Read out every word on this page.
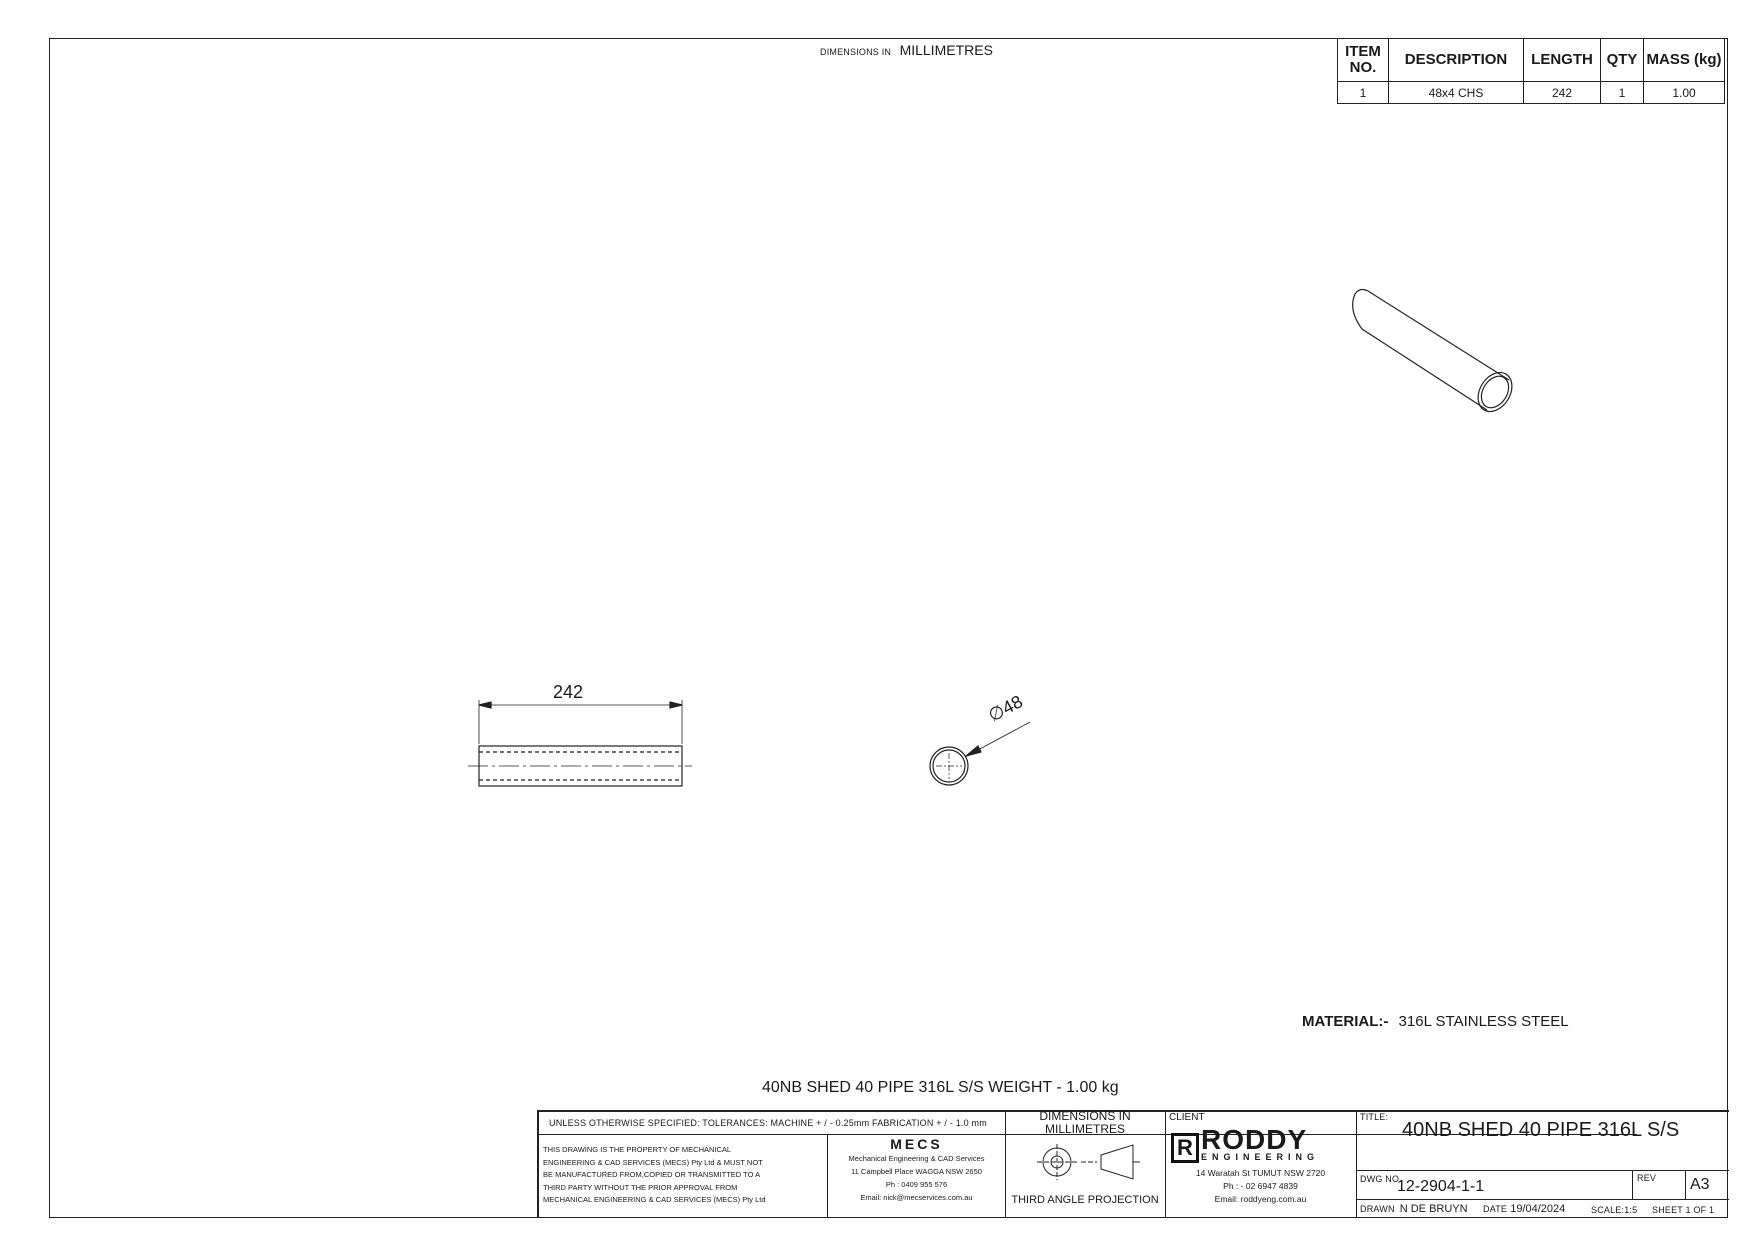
DIMENSIONS IN MILLIMETRES	ITEM NO.	DESCRIPTION	LENGTH	QTY	MASS (kg)
1	48x4 CHS	242	1	1.00
242
∅48
MATERIAL:- 316L STAINLESS STEEL
40NB SHED 40 PIPE 316L S/S WEIGHT - 1.00 kg
UNLESS OTHERWISE SPECIFIED: TOLERANCES: MACHINE + / - 0.25mm FABRICATION + / - 1.0 mm	DIMENSIONS IN
MILLIMETRES
THIS DRAWING IS THE PROPERTY OF MECHANICAL
ENGINEERING & CAD SERVICES (MECS) Pty Ltd & MUST NOT
BE MANUFACTURED FROM,COPIED OR TRANSMITTED TO A
THIRD PARTY WITHOUT THE PRIOR APPROVAL FROM
MECHANICAL ENGINEERING & CAD SERVICES (MECS) Pty Ltd
MECS
Mechanical Engineering & CAD Services
11 Campbell Place WAGGA NSW 2650
Ph : 0409 955 576
Email: nick@mecservices.com.au	THIRD ANGLE PROJECTION
CLIENT
R RODDY
ENGINEERING
14 Waratah St TUMUT NSW 2720
Ph : - 02 6947 4839
Email: roddyeng.com.au
TITLE:
40NB SHED 40 PIPE 316L S/S
DWG NO.
12-2904-1-1	REV A3
DRAWN N DE BRUYN DATE 19/04/2024	SCALE:1:5 SHEET 1 OF 1
